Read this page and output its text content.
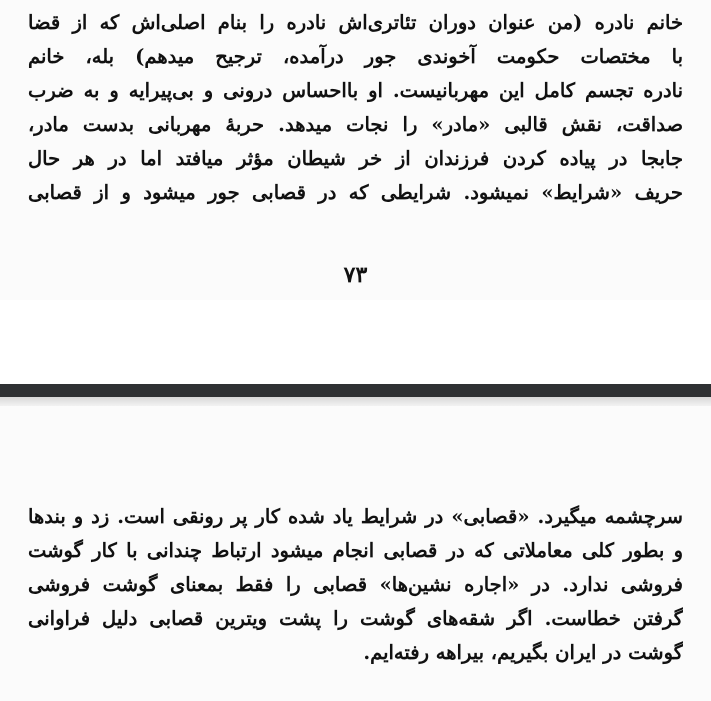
خانم نادره (من عنوان دوران تئاتری‌اش نادره را بنام اصلی‌اش که از قضا
با مختصات حکومت آخوندی جور درآمده، ترجیح میدهم) بله، خانم
نادره تجسم کامل این مهربانیست. او بااحساس درونی و بی‌پیرایه و به ضرب
صداقت، نقش قالبی «مادر» را نجات میدهد. حربهٔ مهربانی بدست مادر،
جابجا در پیاده کردن فرزندان از خر شیطان مؤثر میافتد اما در هر حال
حریف «شرایط» نمیشود. شرایطی که در قصابی جور میشود و از قصابی
۷۳
سرچشمه میگیرد. «قصابی» در شرایط یاد شده کار پر رونقی است. زد و بندها
و بطور کلی معاملاتی که در قصابی انجام میشود ارتباط چندانی با کار گوشت
فروشی ندارد. در «اجاره نشین‌ها» قصابی را فقط بمعنای گوشت فروشی
گرفتن خطاست. اگر شقه‌های گوشت را پشت ویترین قصابی دلیل فراوانی
گوشت در ایران بگیریم، بیراهه رفته‌ایم.
